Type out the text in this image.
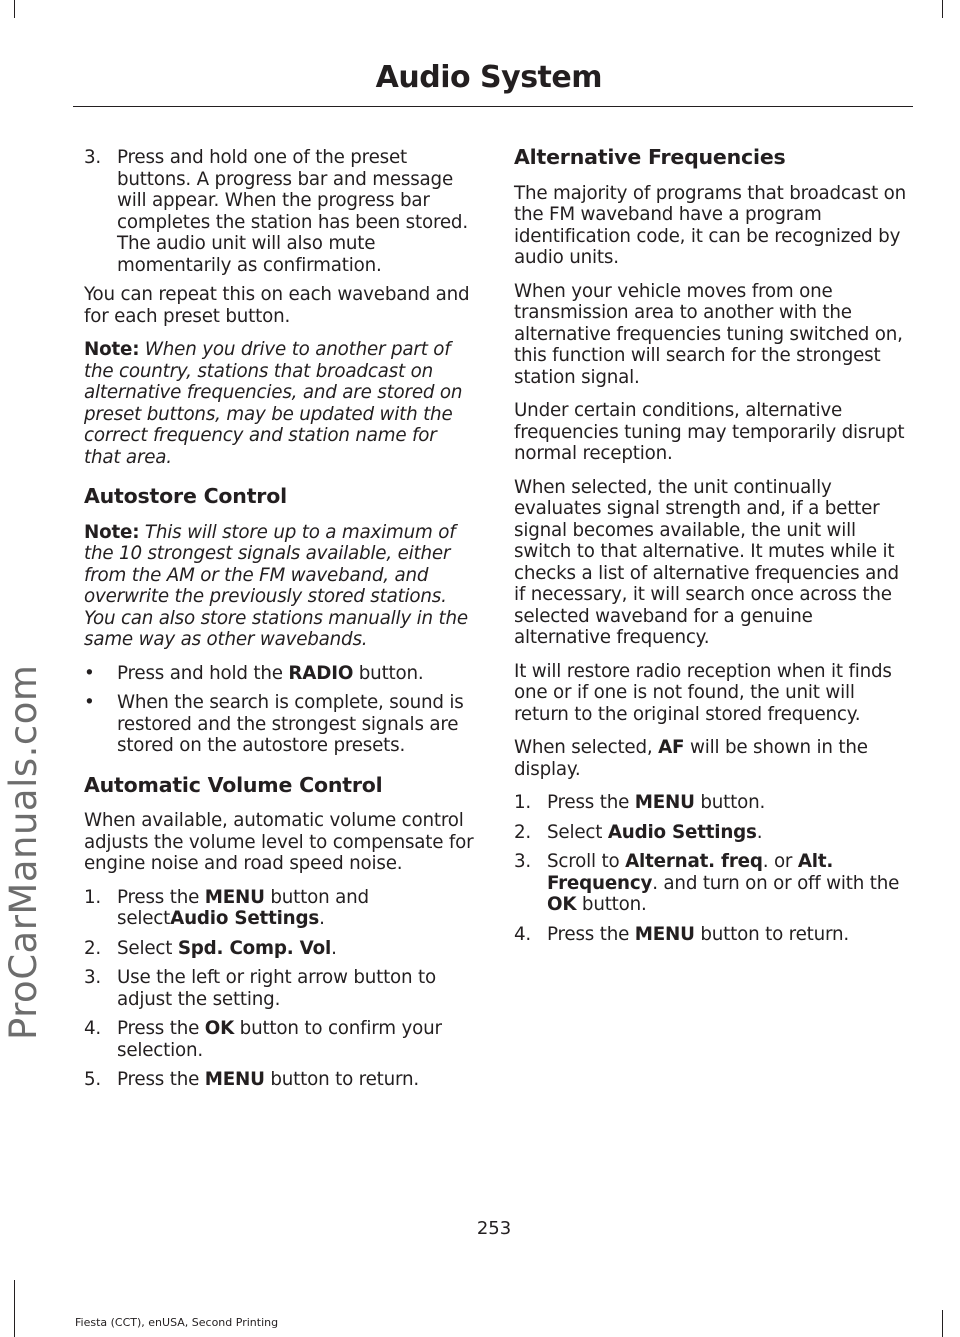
ProCarManuals.com
Audio System
3. Press and hold one of the preset buttons. A progress bar and message will appear. When the progress bar completes the station has been stored. The audio unit will also mute momentarily as confirmation.

You can repeat this on each waveband and for each preset button.

Note: When you drive to another part of the country, stations that broadcast on alternative frequencies, and are stored on preset buttons, may be updated with the correct frequency and station name for that area.

Autostore Control

Note: This will store up to a maximum of the 10 strongest signals available, either from the AM or the FM waveband, and overwrite the previously stored stations. You can also store stations manually in the same way as other wavebands.

• Press and hold the RADIO button.
• When the search is complete, sound is restored and the strongest signals are stored on the autostore presets.
Automatic Volume Control

When available, automatic volume control adjusts the volume level to compensate for engine noise and road speed noise.

1. Press the MENU button and selectAudio Settings.
2. Select Spd. Comp. Vol.
3. Use the left or right arrow button to adjust the setting.
4. Press the OK button to confirm your selection.
5. Press the MENU button to return.
Alternative Frequencies

The majority of programs that broadcast on the FM waveband have a program identification code, it can be recognized by audio units.

When your vehicle moves from one transmission area to another with the alternative frequencies tuning switched on, this function will search for the strongest station signal.

Under certain conditions, alternative frequencies tuning may temporarily disrupt normal reception.

When selected, the unit continually evaluates signal strength and, if a better signal becomes available, the unit will switch to that alternative. It mutes while it checks a list of alternative frequencies and if necessary, it will search once across the selected waveband for a genuine alternative frequency.

It will restore radio reception when it finds one or if one is not found, the unit will return to the original stored frequency.

When selected, AF will be shown in the display.

1. Press the MENU button.
2. Select Audio Settings.
3. Scroll to Alternat. freq. or Alt. Frequency. and turn on or off with the OK button.
4. Press the MENU button to return.
253
Fiesta (CCT), enUSA, Second Printing
